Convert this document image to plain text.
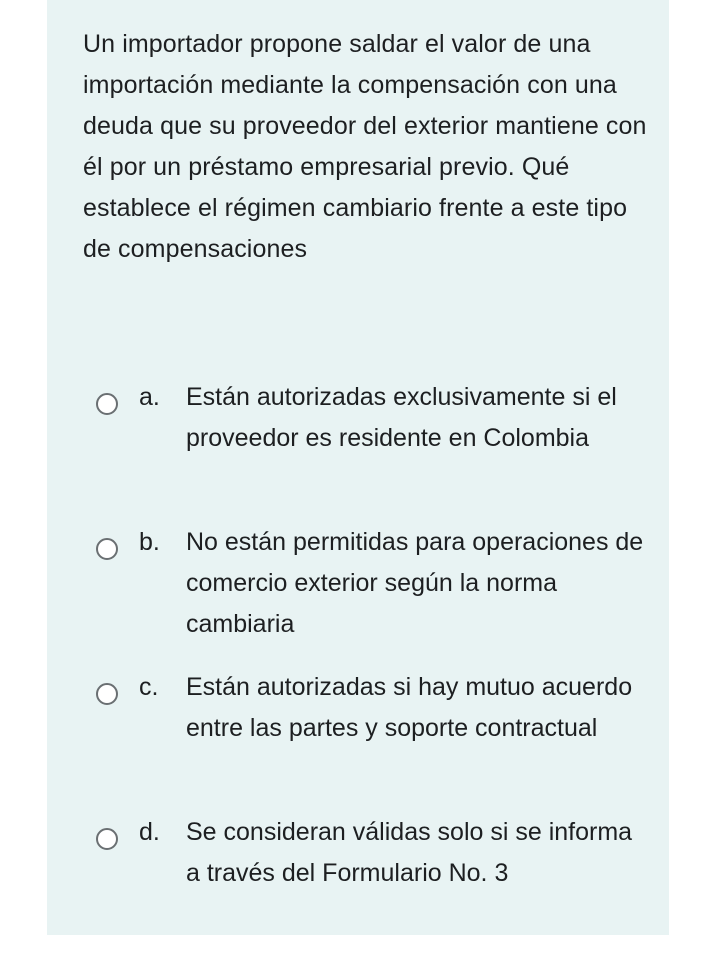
Un importador propone saldar el valor de una importación mediante la compensación con una deuda que su proveedor del exterior mantiene con él por un préstamo empresarial previo. Qué establece el régimen cambiario frente a este tipo de compensaciones

a. Están autorizadas exclusivamente si el proveedor es residente en Colombia
b. No están permitidas para operaciones de comercio exterior según la norma cambiaria
c. Están autorizadas si hay mutuo acuerdo entre las partes y soporte contractual
d. Se consideran válidas solo si se informa a través del Formulario No. 3
